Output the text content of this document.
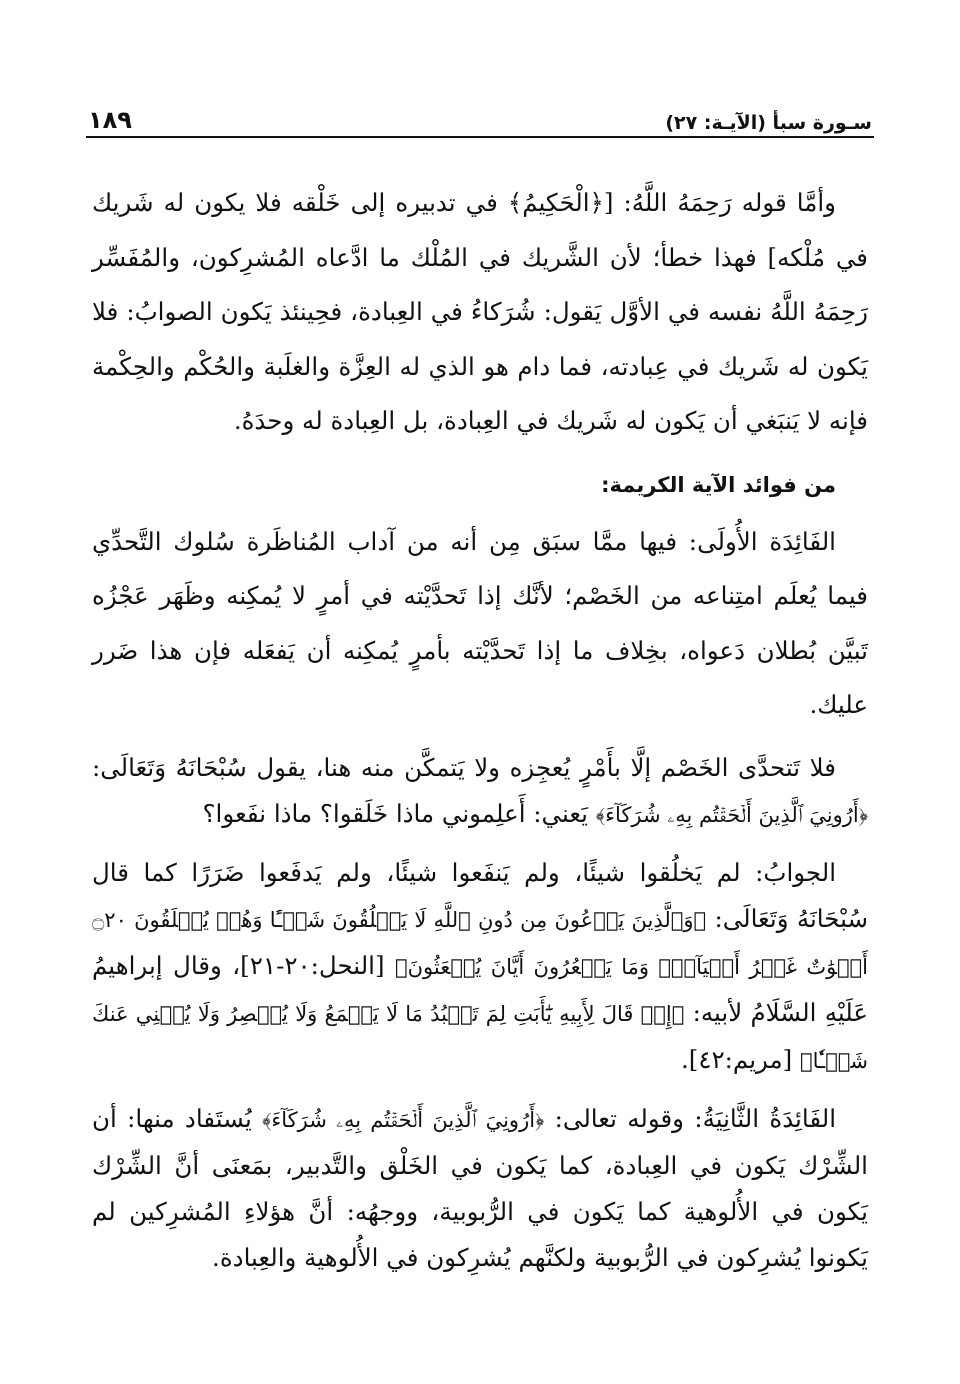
سـورة سبأ (الآيـة: ٢٧)
١٨٩

وأمَّا قوله رَحِمَهُ اللَّهُ: [﴿الْحَكِيمُ﴾ في تدبيره إلى خَلْقه فلا يكون له شَريك في مُلْكه] فهذا خطأ؛ لأن الشَّريك في المُلْك ما ادَّعاه المُشرِكون، والمُفَسِّر رَحِمَهُ اللَّهُ نفسه في الأوَّل يَقول: شُرَكاءُ في العِبادة، فحِينئذ يَكون الصوابُ: فلا يَكون له شَريك في عِبادته، فما دام هو الذي له العِزَّة والغلَبة والحُكْم والحِكْمة فإنه لا يَنبَغي أن يَكون له شَريك في العِبادة، بل العِبادة له وحدَهُ.

من فوائد الآية الكريمة:

الفَائِدَة الأُولَى: فيها ممَّا سبَق مِن أنه من آداب المُناظَرة سُلوك التَّحدِّي فيما يُعلَم امتِناعه من الخَصْم؛ لأنَّك إذا تَحدَّيْته في أمرٍ لا يُمكِنه وظَهَر عَجْزُه تَبيَّن بُطلان دَعواه، بخِلاف ما إذا تَحدَّيْته بأمرٍ يُمكِنه أن يَفعَله فإن هذا ضَرر عليك.

فلا تَتحدَّى الخَصْم إلَّا بأَمْرٍ يُعجِزه ولا يَتمكَّن منه هنا، يقول سُبْحَانَهُ وَتَعَالَى: ﴿أَرُونِيَ ٱلَّذِينَ أَلۡحَقۡتُم بِهِۦ شُرَكَآءَ﴾ يَعني: أَعلِموني ماذا خَلَقوا؟ ماذا نفَعوا؟

الجوابُ: لم يَخلُقوا شيئًا، ولم يَنفَعوا شيئًا، ولم يَدفَعوا ضَرَرًا كما قال سُبْحَانَهُ وَتَعَالَى: ﴿وَٱلَّذِينَ يَدۡعُونَ مِن دُونِ ٱللَّهِ لَا يَخۡلُقُونَ شَيۡـًٔا وَهُمۡ يُخۡلَقُونَ ۝٢٠ أَمۡوَٰتٌ غَيۡرُ أَحۡيَآءٖۖ وَمَا يَشۡعُرُونَ أَيَّانَ يُبۡعَثُونَ﴾ [النحل:٢٠-٢١]، وقال إبراهيمُ عَلَيْهِ السَّلَامُ لأبيه: ﴿إِذۡ قَالَ لِأَبِيهِ يَٰٓأَبَتِ لِمَ تَعۡبُدُ مَا لَا يَسۡمَعُ وَلَا يُبۡصِرُ وَلَا يُغۡنِي عَنكَ شَيۡـٔٗا﴾ [مريم:٤٢].

الفَائِدَةُ الثَّانِيَةُ: وقوله تعالى: ﴿أَرُونِيَ ٱلَّذِينَ أَلۡحَقۡتُم بِهِۦ شُرَكَآءَ﴾ يُستَفاد منها: أن الشِّرْك يَكون في العِبادة، كما يَكون في الخَلْق والتَّدبير، بمَعنَى أنَّ الشِّرْك يَكون في الأُلوهية كما يَكون في الرُّبوبية، ووجهُه: أنَّ هؤلاءِ المُشرِكين لم يَكونوا يُشرِكون في الرُّبوبية ولكنَّهم يُشرِكون في الأُلوهية والعِبادة.
